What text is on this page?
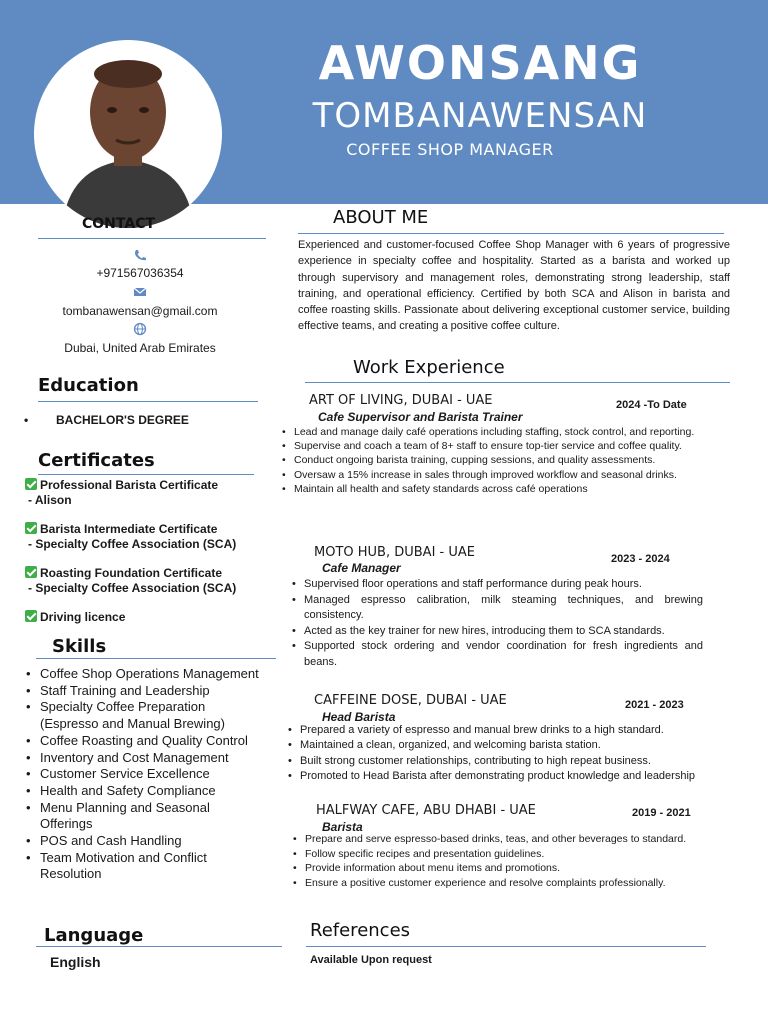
AWONSANG
TOMBANAWENSAN
COFFEE SHOP MANAGER
CONTACT
+971567036354
tombanawensan@gmail.com
Dubai, United Arab Emirates
Education
• BACHELOR'S DEGREE
Certificates
Professional Barista Certificate
- Alison
Barista Intermediate Certificate
- Specialty Coffee Association (SCA)
Roasting Foundation Certificate
- Specialty Coffee Association (SCA)
Driving licence
Skills
• Coffee Shop Operations Management
• Staff Training and Leadership
• Specialty Coffee Preparation (Espresso and Manual Brewing)
• Coffee Roasting and Quality Control
• Inventory and Cost Management
• Customer Service Excellence
• Health and Safety Compliance
• Menu Planning and Seasonal Offerings
• POS and Cash Handling
• Team Motivation and Conflict Resolution
Language
English
ABOUT ME
Experienced and customer-focused Coffee Shop Manager with 6 years of progressive experience in specialty coffee and hospitality. Started as a barista and worked up through supervisory and management roles, demonstrating strong leadership, staff training, and operational efficiency. Certified by both SCA and Alison in barista and coffee roasting skills. Passionate about delivering exceptional customer service, building effective teams, and creating a positive coffee culture.
Work Experience
ART OF LIVING, DUBAI - UAE	2024 -To Date
Cafe Supervisor and Barista Trainer
• Lead and manage daily café operations including staffing, stock control, and reporting.
• Supervise and coach a team of 8+ staff to ensure top-tier service and coffee quality.
• Conduct ongoing barista training, cupping sessions, and quality assessments.
• Oversaw a 15% increase in sales through improved workflow and seasonal drinks.
• Maintain all health and safety standards across café operations
MOTO HUB, DUBAI - UAE	2023 - 2024
Cafe Manager
• Supervised floor operations and staff performance during peak hours.
• Managed espresso calibration, milk steaming techniques, and brewing consistency.
• Acted as the key trainer for new hires, introducing them to SCA standards.
• Supported stock ordering and vendor coordination for fresh ingredients and beans.
CAFFEINE DOSE, DUBAI - UAE	2021 - 2023
Head Barista
• Prepared a variety of espresso and manual brew drinks to a high standard.
• Maintained a clean, organized, and welcoming barista station.
• Built strong customer relationships, contributing to high repeat business.
• Promoted to Head Barista after demonstrating product knowledge and leadership
HALFWAY CAFE, ABU DHABI - UAE	2019 - 2021
Barista
• Prepare and serve espresso-based drinks, teas, and other beverages to standard.
• Follow specific recipes and presentation guidelines.
• Provide information about menu items and promotions.
• Ensure a positive customer experience and resolve complaints professionally.
References
Available Upon request
